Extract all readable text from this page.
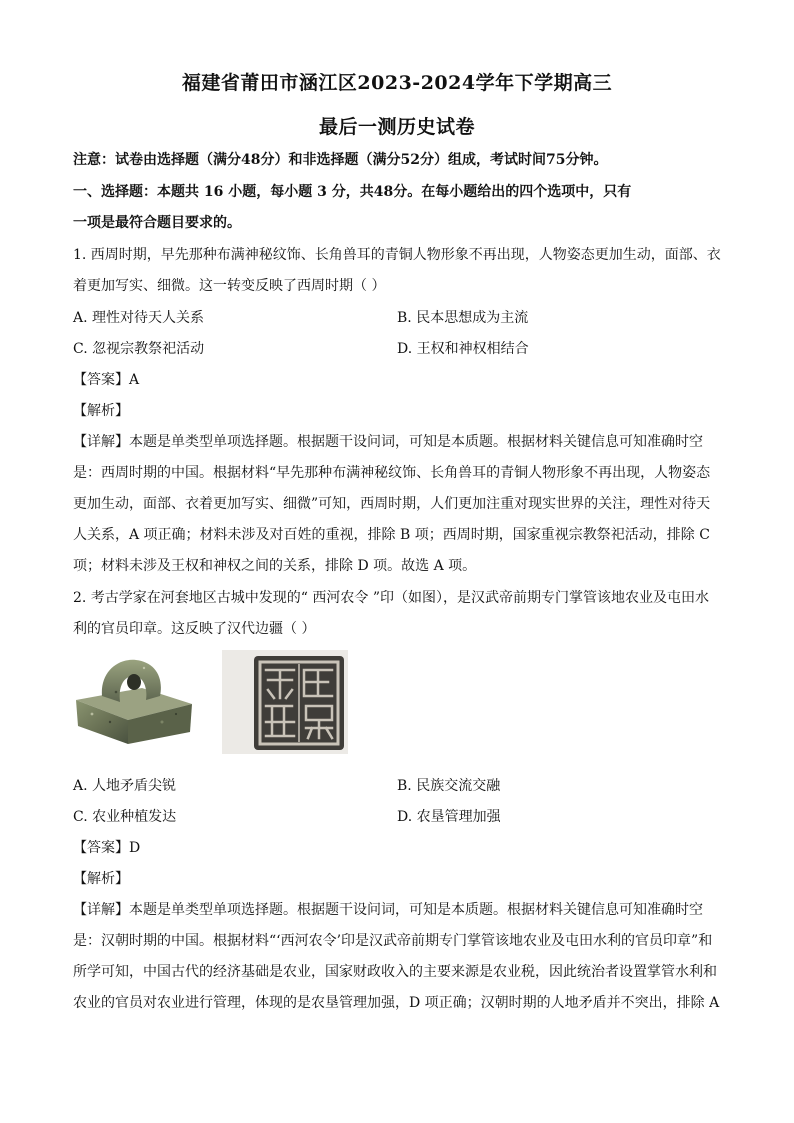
福建省莆田市涵江区2023-2024学年下学期高三
最后一测历史试卷
注意：试卷由选择题（满分48分）和非选择题（满分52分）组成，考试时间75分钟。
一、选择题：本题共 16 小题，每小题 3 分，共48分。在每小题给出的四个选项中，只有
一项是最符合题目要求的。
1. 西周时期，早先那种布满神秘纹饰、长角兽耳的青铜人物形象不再出现，人物姿态更加生动，面部、衣
着更加写实、细微。这一转变反映了西周时期（ ）
A. 理性对待天人关系	B. 民本思想成为主流
C. 忽视宗教祭祀活动	D. 王权和神权相结合
【答案】A
【解析】
【详解】本题是单类型单项选择题。根据题干设问词，可知是本质题。根据材料关键信息可知准确时空
是：西周时期的中国。根据材料“早先那种布满神秘纹饰、长角兽耳的青铜人物形象不再出现，人物姿态
更加生动，面部、衣着更加写实、细微”可知，西周时期，人们更加注重对现实世界的关注，理性对待天
人关系，A 项正确；材料未涉及对百姓的重视，排除 B 项；西周时期，国家重视宗教祭祀活动，排除 C
项；材料未涉及王权和神权之间的关系，排除 D 项。故选 A 项。
2. 考古学家在河套地区古城中发现的“ 西河农令 ”印（如图），是汉武帝前期专门掌管该地农业及屯田水
利的官员印章。这反映了汉代边疆（ ）
A. 人地矛盾尖锐	B. 民族交流交融
C. 农业种植发达	D. 农垦管理加强
【答案】D
【解析】
【详解】本题是单类型单项选择题。根据题干设问词，可知是本质题。根据材料关键信息可知准确时空
是：汉朝时期的中国。根据材料“‘西河农令’印是汉武帝前期专门掌管该地农业及屯田水利的官员印章”和
所学可知，中国古代的经济基础是农业，国家财政收入的主要来源是农业税，因此统治者设置掌管水利和
农业的官员对农业进行管理，体现的是农垦管理加强，D 项正确；汉朝时期的人地矛盾并不突出，排除 A
